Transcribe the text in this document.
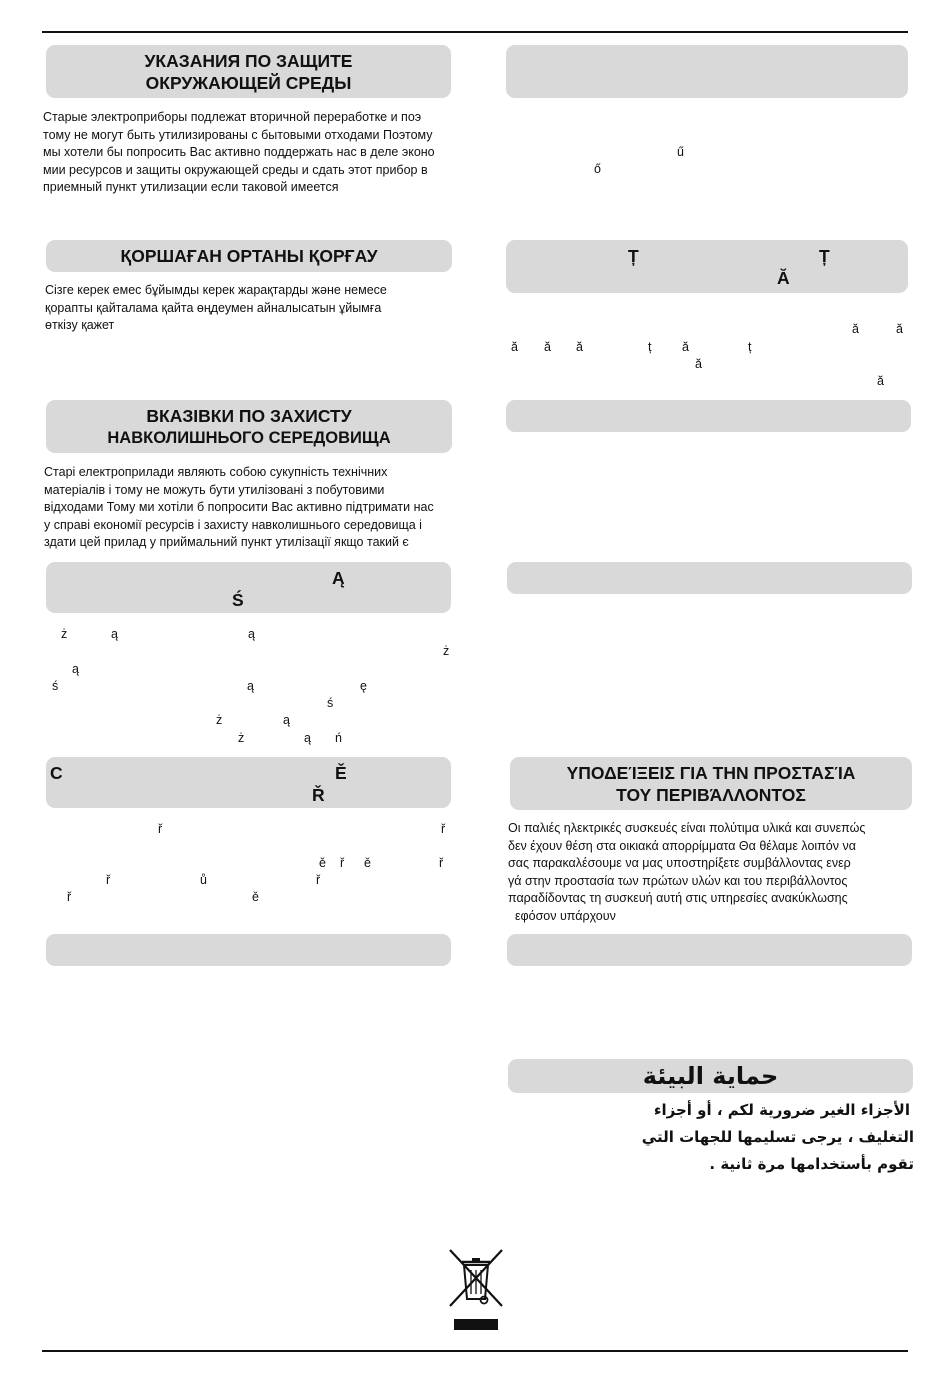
УКАЗАНИЯ ПО ЗАЩИТЕ
ОКРУЖАЮЩЕЙ СРЕДЫ
Старые электроприборы подлежат вторичной переработке и поэ
тому не могут быть утилизированы с бытовыми отходами Поэтому
мы хотели бы попросить Вас активно поддержать нас в деле эконо
мии ресурсов и защиты окружающей среды и сдать этот прибор в
приемный пункт утилизации если таковой имеется
ҚОРШАҒАН ОРТАНЫ ҚОРҒАУ
Сізге керек емес бұйымды керек жарақтарды және немесе
қорапты қайталама қайта өңдеумен айналысатын ұйымға
өткізу қажет
ВКАЗІВКИ ПО ЗАХИСТУ
НАВКОЛИШНЬОГО СЕРЕДОВИЩА
Старі електроприлади являють собою сукупність технічних
матеріалів і тому не можуть бути утилізовані з побутовими
відходами Тому ми хотіли б попросити Вас активно підтримати нас
у справі економії ресурсів і захисту навколишнього середовища і
здати цей прилад у приймальний пункт утилізації якщо такий є
Ą
Ś
ż	ą	ą
ż
ą
ś	ą	ę
ś
ż	ą
ż	ą ń
C	Ě
Ř
ř	ř
ě ř ě	ř
ř	ů	ř
ř	ě
ű
ő
Ț	Ț
Ă
ă	ă
ă ă ă	ț ă	ț
ă
ă
ΥΠΟΔΕΊΞΕΙΣ ΓΙΑ ΤΗΝ ΠΡΟΣΤΑΣΊΑ
ΤΟΥ ΠΕΡΙΒΆΛΛΟΝΤΟΣ
Οι παλιές ηλεκτρικές συσκευές είναι πολύτιμα υλικά και συνεπώς
δεν έχουν θέση στα οικιακά απορρίμματα Θα θέλαμε λοιπόν να
σας παρακαλέσουμε να μας υποστηρίξετε συμβάλλοντας ενερ
γά στην προστασία των πρώτων υλών και του περιβάλλοντος
παραδίδοντας τη συσκευή αυτή στις υπηρεσίες ανακύκλωσης
εφόσον υπάρχουν
حماية البيئة
الأجزاء الغير ضرورية لكم ، أو أجزاء
التغليف ، يرجى تسليمها للجهات التي
تقوم بأستخدامها مرة ثانية .
